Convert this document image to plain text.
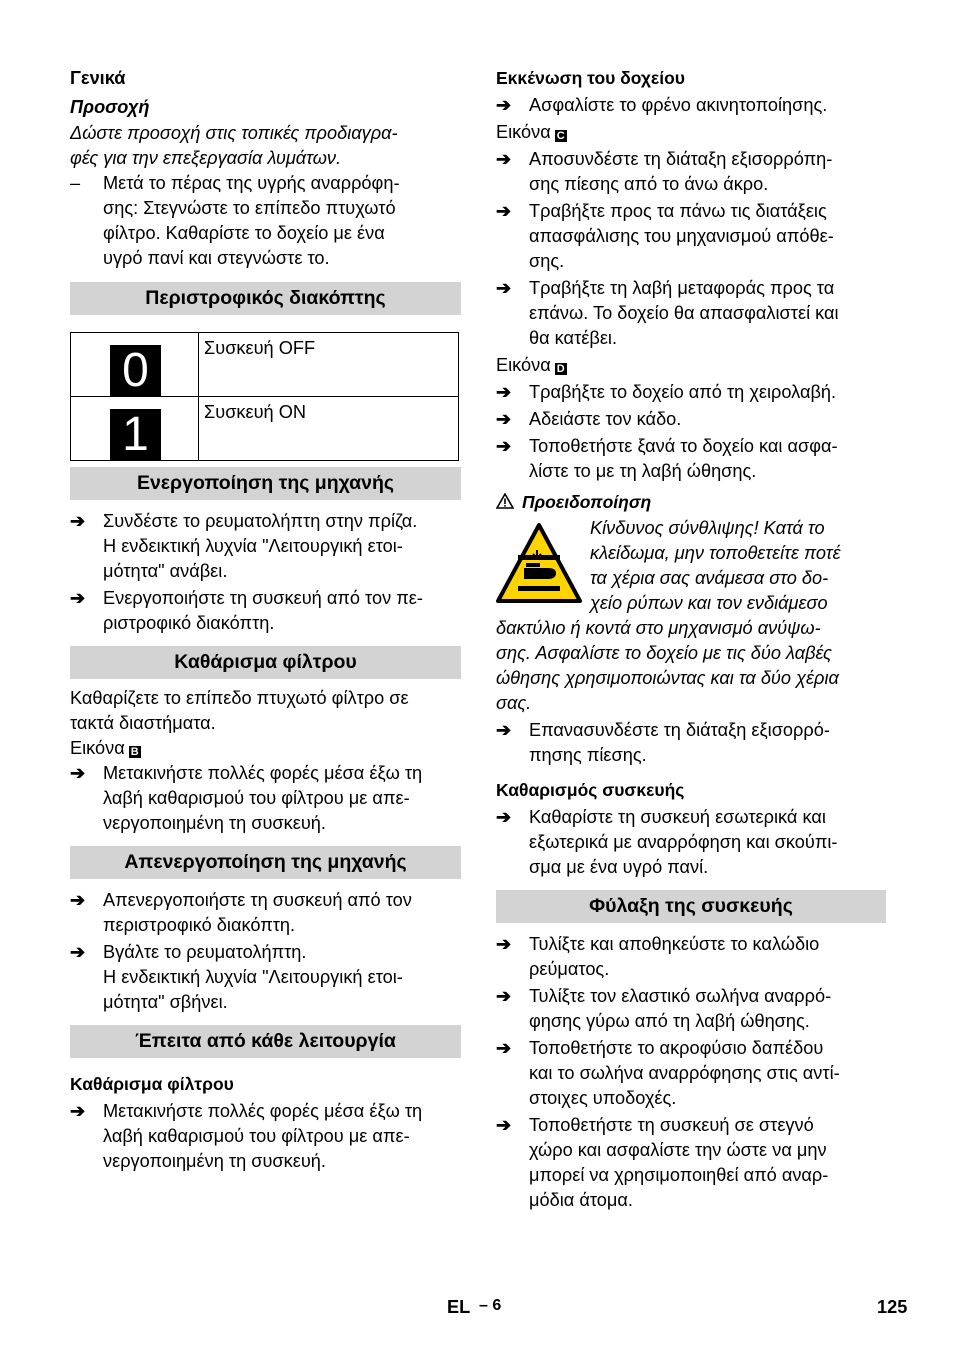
Γενικά

Προσοχή

Δώστε προσοχή στις τοπικές προδιαγρα-

φές για την επεξεργασία λυμάτων.

– Μετά το πέρας της υγρής αναρρόφη-
σης: Στεγνώστε το επίπεδο πτυχωτό
φίλτρο. Καθαρίστε το δοχείο με ένα
υγρό πανί και στεγνώστε το.
Περιστροφικός διακόπτης
0	Συσκευή OFF

1	Συσκευή ON
Ενεργοποίηση της μηχανής
➔ Συνδέστε το ρευματολήπτη στην πρίζα.

Η ενδεικτική λυχνία "Λειτουργική ετοι-

μότητα" ανάβει.

➔ Ενεργοποιήστε τη συσκευή από τον πε-
ριστροφικό διακόπτη.
Καθάρισμα φίλτρου

Καθαρίζετε το επίπεδο πτυχωτό φίλτρο σε

τακτά διαστήματα.

Εικόνα B

➔ Μετακινήστε πολλές φορές μέσα έξω τη
λαβή καθαρισμού του φίλτρου με απε-
νεργοποιημένη τη συσκευή.
Απενεργοποίηση της μηχανής
➔ Απενεργοποιήστε τη συσκευή από τον
περιστροφικό διακόπτη.
➔ Βγάλτε το ρευματολήπτη.

Η ενδεικτική λυχνία "Λειτουργική ετοι-

μότητα" σβήνει.

Έπειτα από κάθε λειτουργία

Καθάρισμα φίλτρου

➔ Μετακινήστε πολλές φορές μέσα έξω τη
λαβή καθαρισμού του φίλτρου με απε-
νεργοποιημένη τη συσκευή.

Εκκένωση του δοχείου

➔ Ασφαλίστε το φρένο ακινητοποίησης.

Εικόνα C

➔ Αποσυνδέστε τη διάταξη εξισορρόπη-
σης πίεσης από το άνω άκρο.
➔ Τραβήξτε προς τα πάνω τις διατάξεις
απασφάλισης του μηχανισμού απόθε-
σης.
➔ Τραβήξτε τη λαβή μεταφοράς προς τα
επάνω. Το δοχείο θα απασφαλιστεί και
θα κατέβει.

Εικόνα D

➔ Τραβήξτε το δοχείο από τη χειρολαβή.
➔ Αδειάστε τον κάδο.
➔ Τοποθετήστε ξανά το δοχείο και ασφα-
λίστε το με τη λαβή ώθησης.

Προειδοποίηση

Κίνδυνος σύνθλιψης! Κατά το

κλείδωμα, μην τοποθετείτε ποτέ

τα χέρια σας ανάμεσα στο δο-

χείο ρύπων και τον ενδιάμεσο

δακτύλιο ή κοντά στο μηχανισμό ανύψω-

σης. Ασφαλίστε το δοχείο με τις δύο λαβές

ώθησης χρησιμοποιώντας και τα δύο χέρια

σας.

➔ Επανασυνδέστε τη διάταξη εξισορρό-
πησης πίεσης.

Καθαρισμός συσκευής

➔ Καθαρίστε τη συσκευή εσωτερικά και
εξωτερικά με αναρρόφηση και σκούπι-
σμα με ένα υγρό πανί.
Φύλαξη της συσκευής
➔ Τυλίξτε και αποθηκεύστε το καλώδιο
ρεύματος.
➔ Τυλίξτε τον ελαστικό σωλήνα αναρρό-
φησης γύρω από τη λαβή ώθησης.
➔ Τοποθετήστε το ακροφύσιο δαπέδου
και το σωλήνα αναρρόφησης στις αντί-
στοιχες υποδοχές.
➔ Τοποθετήστε τη συσκευή σε στεγνό
χώρο και ασφαλίστε την ώστε να μην
μπορεί να χρησιμοποιηθεί από αναρ-
μόδια άτομα.
EL – 6	125
